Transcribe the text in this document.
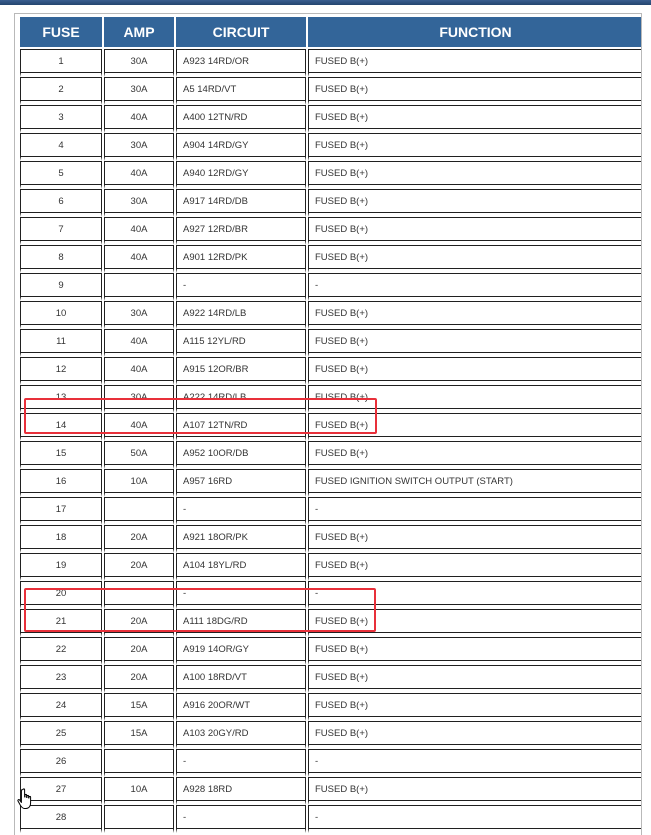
FUSE	AMP	CIRCUIT	FUNCTION
1	30A	A923 14RD/OR	FUSED B(+)
2	30A	A5 14RD/VT	FUSED B(+)
3	40A	A400 12TN/RD	FUSED B(+)
4	30A	A904 14RD/GY	FUSED B(+)
5	40A	A940 12RD/GY	FUSED B(+)
6	30A	A917 14RD/DB	FUSED B(+)
7	40A	A927 12RD/BR	FUSED B(+)
8	40A	A901 12RD/PK	FUSED B(+)
9		-	-
10	30A	A922 14RD/LB	FUSED B(+)
11	40A	A115 12YL/RD	FUSED B(+)
12	40A	A915 12OR/BR	FUSED B(+)
13	30A	A222 14RD/LB	FUSED B(+)
14	40A	A107 12TN/RD	FUSED B(+)
15	50A	A952 10OR/DB	FUSED B(+)
16	10A	A957 16RD	FUSED IGNITION SWITCH OUTPUT (START)
17		-	-
18	20A	A921 18OR/PK	FUSED B(+)
19	20A	A104 18YL/RD	FUSED B(+)
20		-	-
21	20A	A111 18DG/RD	FUSED B(+)
22	20A	A919 14OR/GY	FUSED B(+)
23	20A	A100 18RD/VT	FUSED B(+)
24	15A	A916 20OR/WT	FUSED B(+)
25	15A	A103 20GY/RD	FUSED B(+)
26		-	-
27	10A	A928 18RD	FUSED B(+)
28		-	-
